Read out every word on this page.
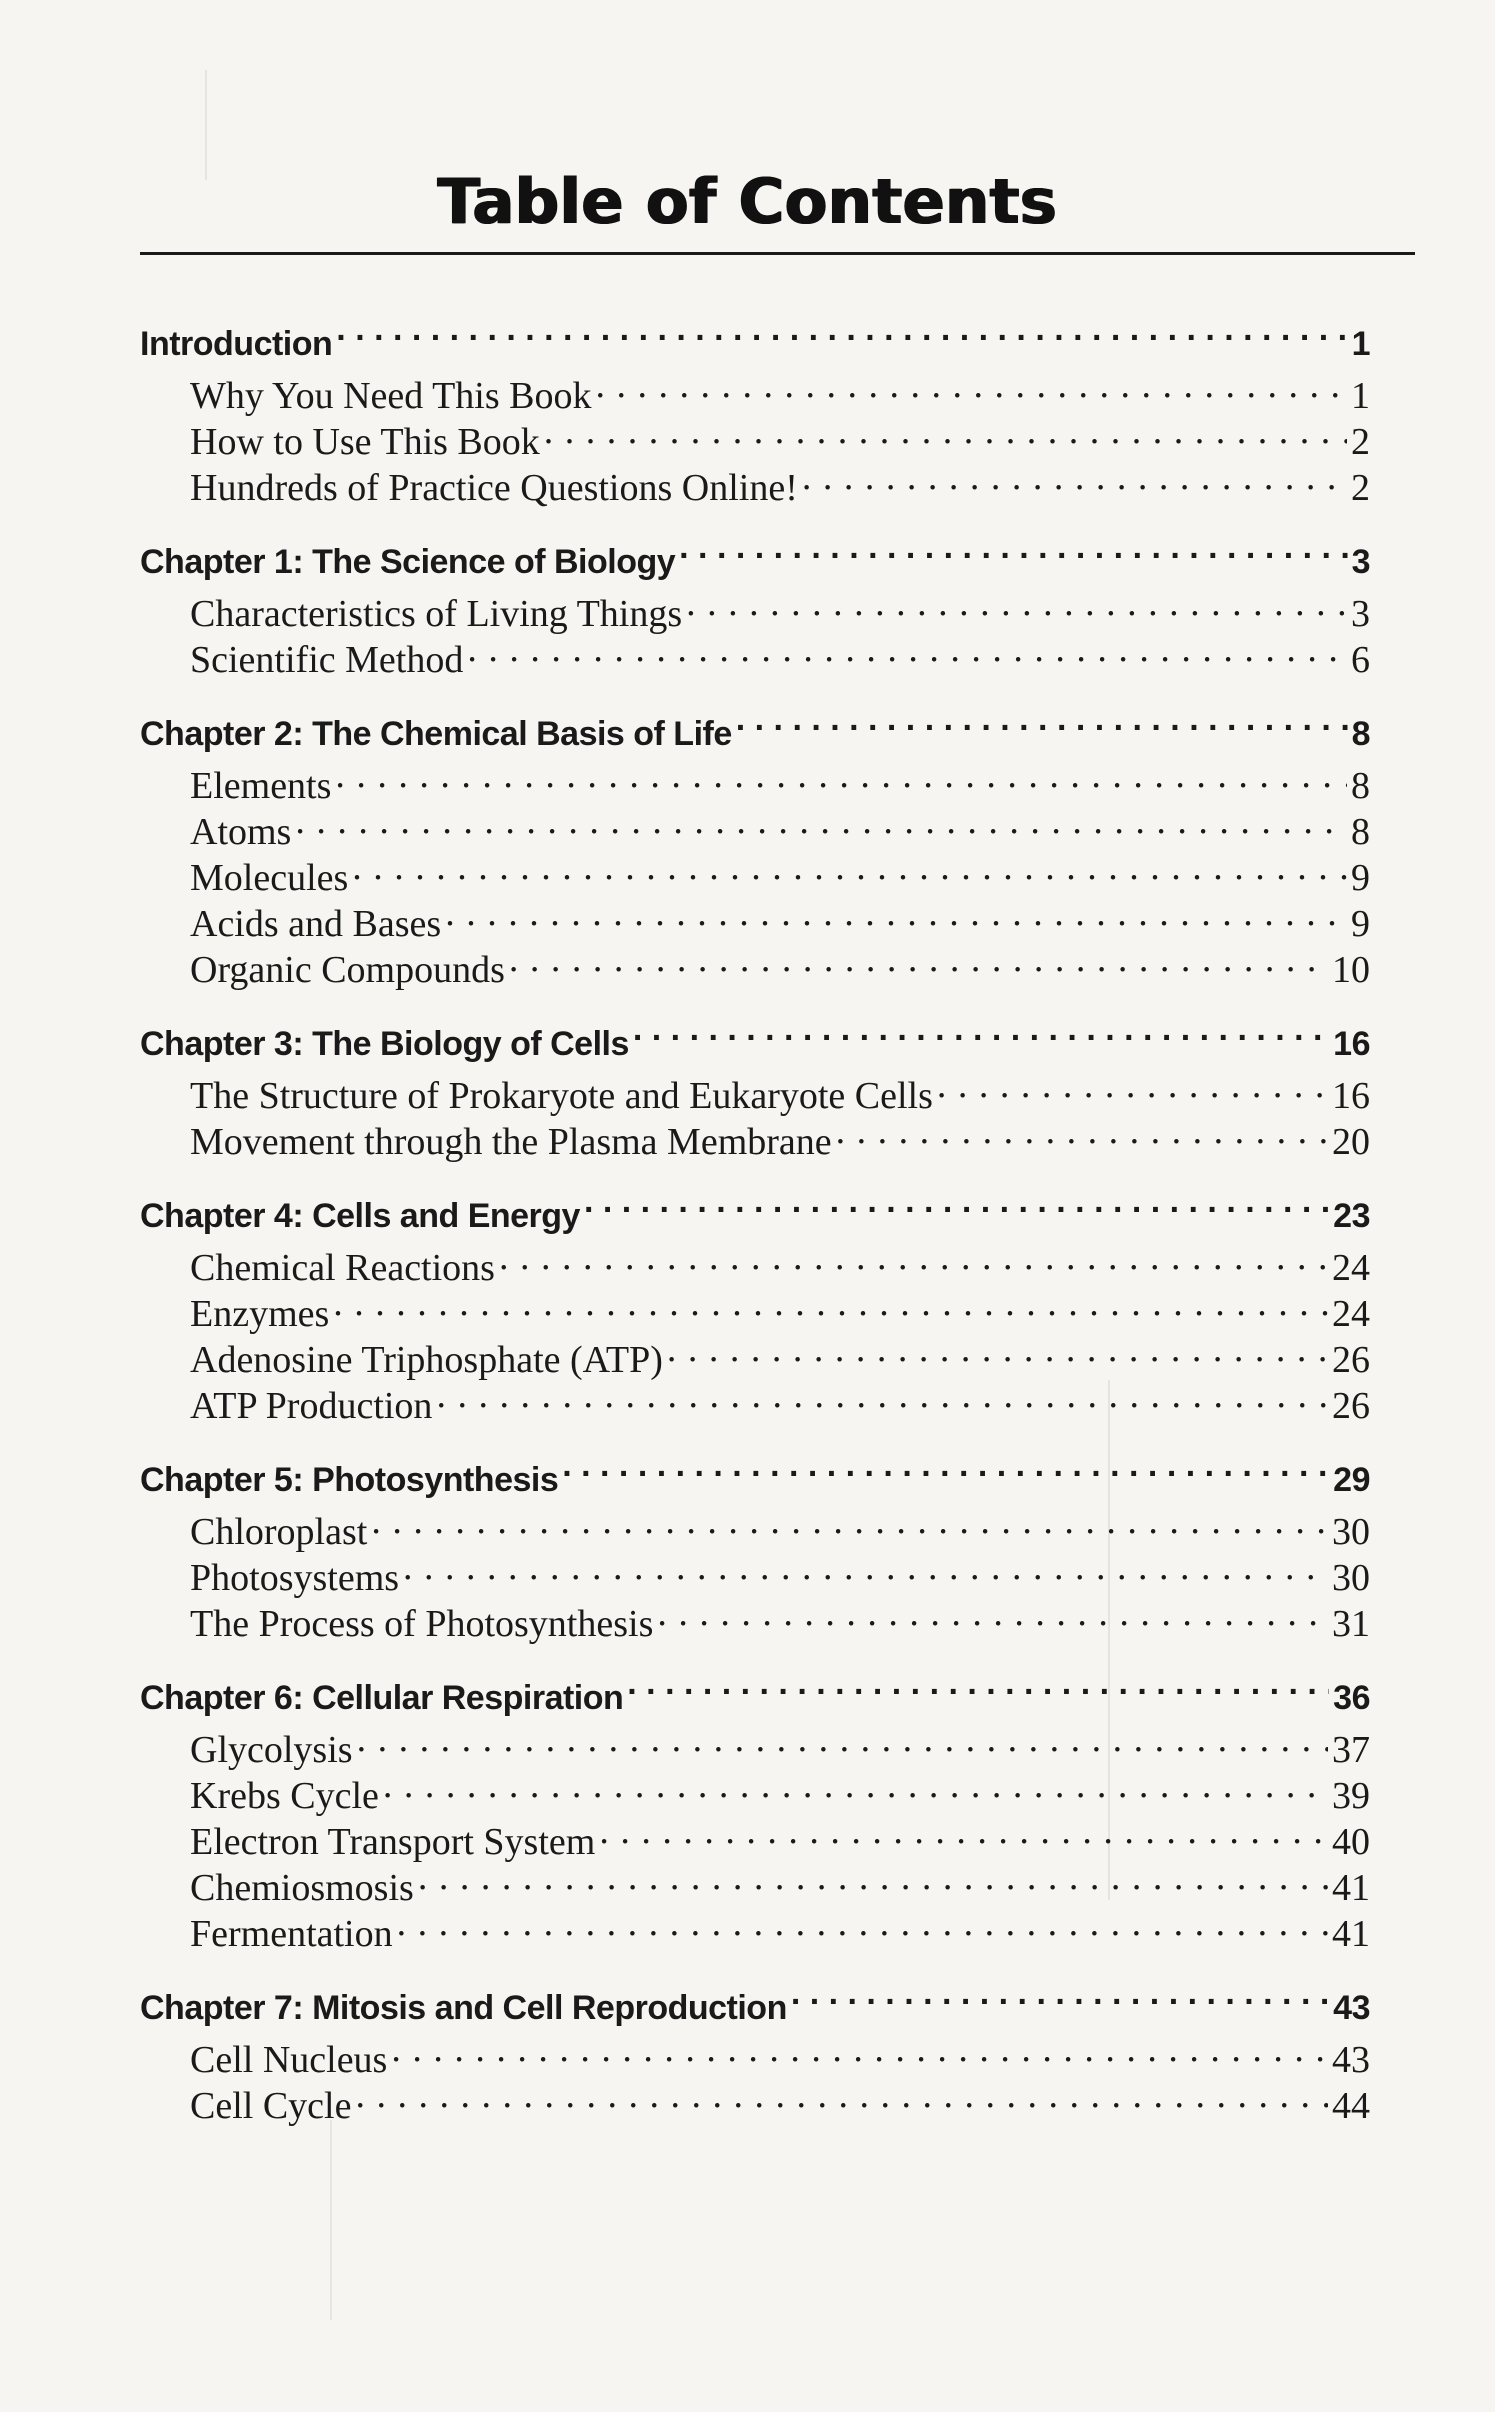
Table of Contents
Introduction . . .	1
Why You Need This Book . . .	1
How to Use This Book . . .	2
Hundreds of Practice Questions Online! . . .	2
Chapter 1: The Science of Biology . . .	3
Characteristics of Living Things . . .	3
Scientific Method . . .	6
Chapter 2: The Chemical Basis of Life . . .	8
Elements . . .	8
Atoms . . .	8
Molecules . . .	9
Acids and Bases . . .	9
Organic Compounds . . .	10
Chapter 3: The Biology of Cells . . .	16
The Structure of Prokaryote and Eukaryote Cells . . .	16
Movement through the Plasma Membrane . . .	20
Chapter 4: Cells and Energy . . .	23
Chemical Reactions . . .	24
Enzymes . . .	24
Adenosine Triphosphate (ATP) . . .	26
ATP Production . . .	26
Chapter 5: Photosynthesis . . .	29
Chloroplast . . .	30
Photosystems . . .	30
The Process of Photosynthesis . . .	31
Chapter 6: Cellular Respiration . . .	36
Glycolysis . . .	37
Krebs Cycle . . .	39
Electron Transport System . . .	40
Chemiosmosis . . .	41
Fermentation . . .	41
Chapter 7: Mitosis and Cell Reproduction . . .	43
Cell Nucleus . . .	43
Cell Cycle . . .	44
